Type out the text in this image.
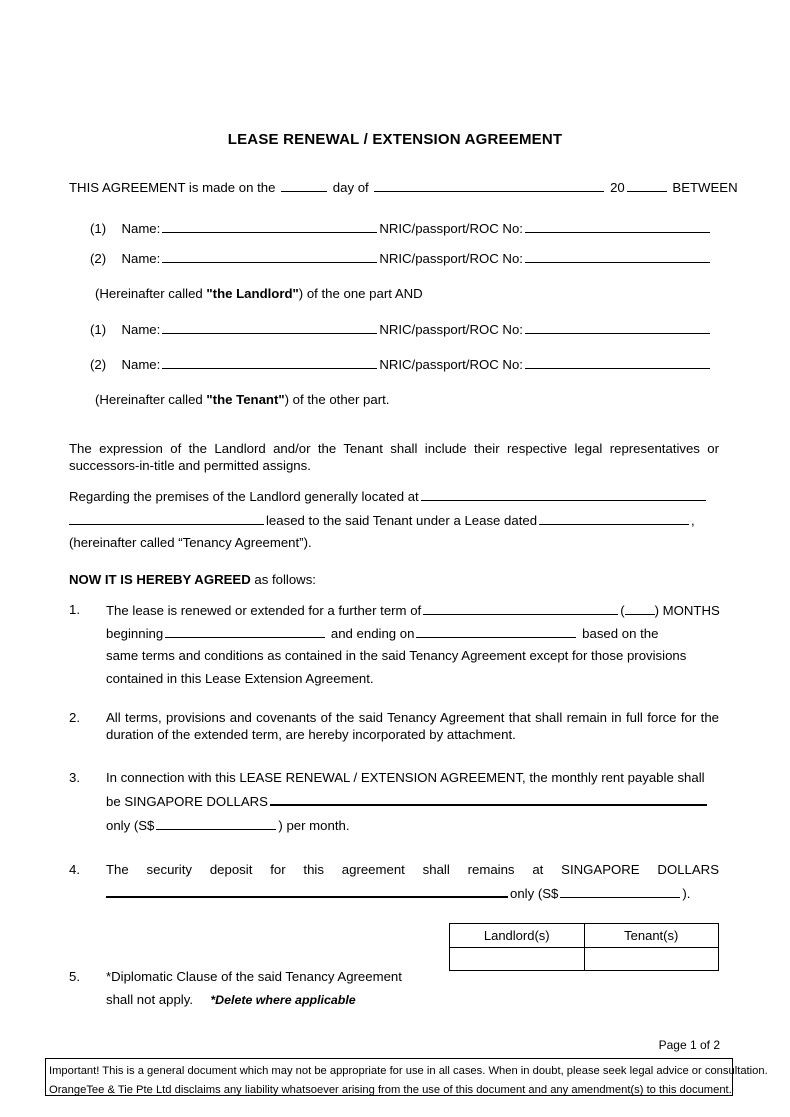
LEASE RENEWAL / EXTENSION AGREEMENT
THIS AGREEMENT is made on the	day of	20	BETWEEN
(1) Name:	NRIC/passport/ROC No:
(2) Name:	NRIC/passport/ROC No:
(Hereinafter called "the Landlord") of the one part AND
(1) Name:	NRIC/passport/ROC No:
(2) Name:	NRIC/passport/ROC No:
(Hereinafter called "the Tenant") of the other part.
The expression of the Landlord and/or the Tenant shall include their respective legal representatives or successors-in-title and permitted assigns.
Regarding the premises of the Landlord generally located at
leased to the said Tenant under a Lease dated	,
(hereinafter called “Tenancy Agreement”).
NOW IT IS HEREBY AGREED as follows:
1. The lease is renewed or extended for a further term of	( ) MONTHS
beginning	and ending on	based on the
same terms and conditions as contained in the said Tenancy Agreement except for those provisions
contained in this Lease Extension Agreement.
2. All terms, provisions and covenants of the said Tenancy Agreement that shall remain in full force for the duration of the extended term, are hereby incorporated by attachment.
3. In connection with this LEASE RENEWAL / EXTENSION AGREEMENT, the monthly rent payable shall
be SINGAPORE DOLLARS
only (S$	) per month.
4. The security deposit for this agreement shall remains at SINGAPORE DOLLARS
only (S$	).
Landlord(s)	Tenant(s)

5. *Diplomatic Clause of the said Tenancy Agreement
shall not apply. *Delete where applicable
Page 1 of 2
Important! This is a general document which may not be appropriate for use in all cases. When in doubt, please seek legal advice or consultation.
OrangeTee & Tie Pte Ltd disclaims any liability whatsoever arising from the use of this document and any amendment(s) to this document.
